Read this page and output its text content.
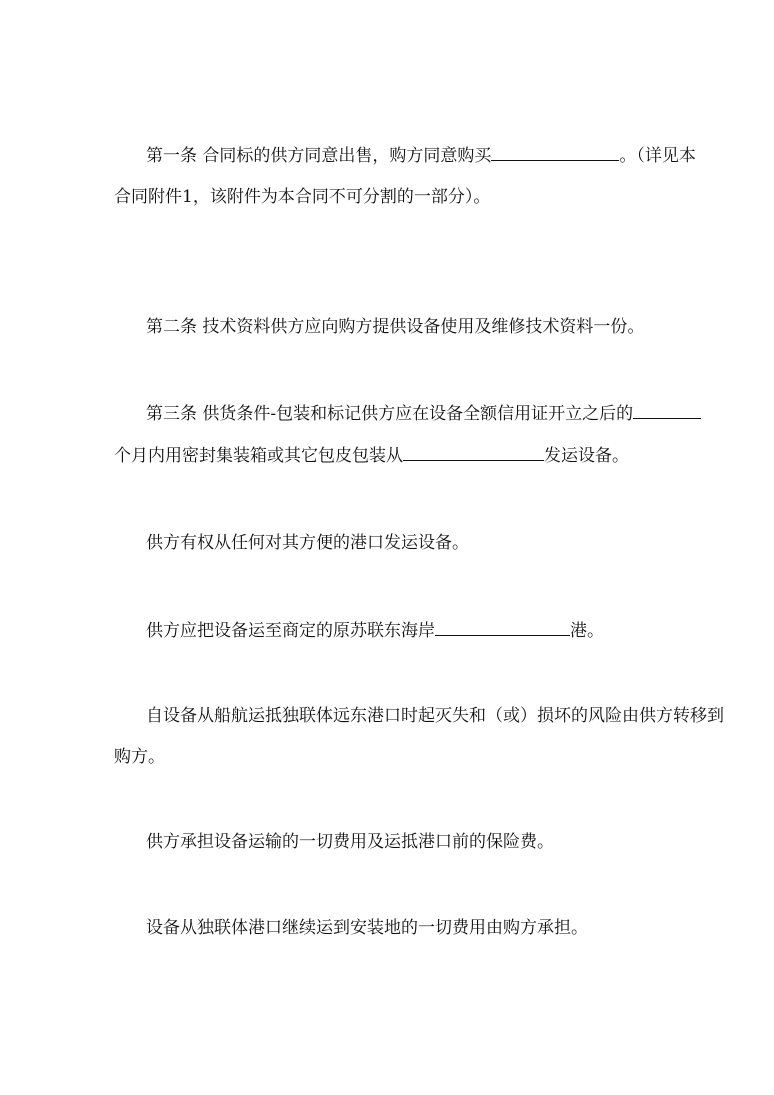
第一条 合同标的供方同意出售，购方同意购买	。（详见本
合同附件1，该附件为本合同不可分割的一部分）。
第二条 技术资料供方应向购方提供设备使用及维修技术资料一份。
第三条 供货条件-包装和标记供方应在设备全额信用证开立之后的
个月内用密封集装箱或其它包皮包装从	发运设备。
供方有权从任何对其方便的港口发运设备。
供方应把设备运至商定的原苏联东海岸	港。
自设备从船航运抵独联体远东港口时起灭失和（或）损坏的风险由供方转移到
购方。
供方承担设备运输的一切费用及运抵港口前的保险费。
设备从独联体港口继续运到安装地的一切费用由购方承担。
